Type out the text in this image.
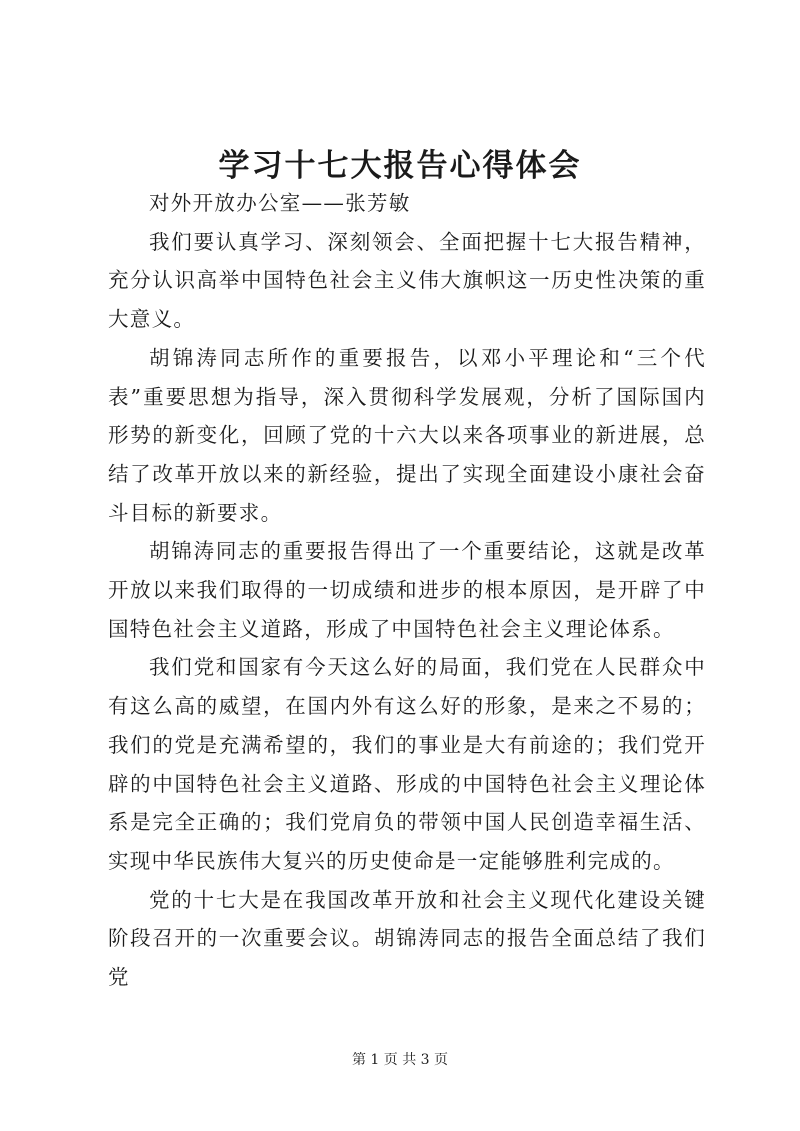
学习十七大报告心得体会

对外开放办公室——张芳敏

我们要认真学习、深刻领会、全面把握十七大报告精神，充分认识高举中国特色社会主义伟大旗帜这一历史性决策的重大意义。

胡锦涛同志所作的重要报告，以邓小平理论和“三个代表”重要思想为指导，深入贯彻科学发展观，分析了国际国内形势的新变化，回顾了党的十六大以来各项事业的新进展，总结了改革开放以来的新经验，提出了实现全面建设小康社会奋斗目标的新要求。

胡锦涛同志的重要报告得出了一个重要结论，这就是改革开放以来我们取得的一切成绩和进步的根本原因，是开辟了中国特色社会主义道路，形成了中国特色社会主义理论体系。

我们党和国家有今天这么好的局面，我们党在人民群众中有这么高的威望，在国内外有这么好的形象，是来之不易的；我们的党是充满希望的，我们的事业是大有前途的；我们党开辟的中国特色社会主义道路、形成的中国特色社会主义理论体系是完全正确的；我们党肩负的带领中国人民创造幸福生活、实现中华民族伟大复兴的历史使命是一定能够胜利完成的。

党的十七大是在我国改革开放和社会主义现代化建设关键阶段召开的一次重要会议。胡锦涛同志的报告全面总结了我们党

第 1 页 共 3 页
